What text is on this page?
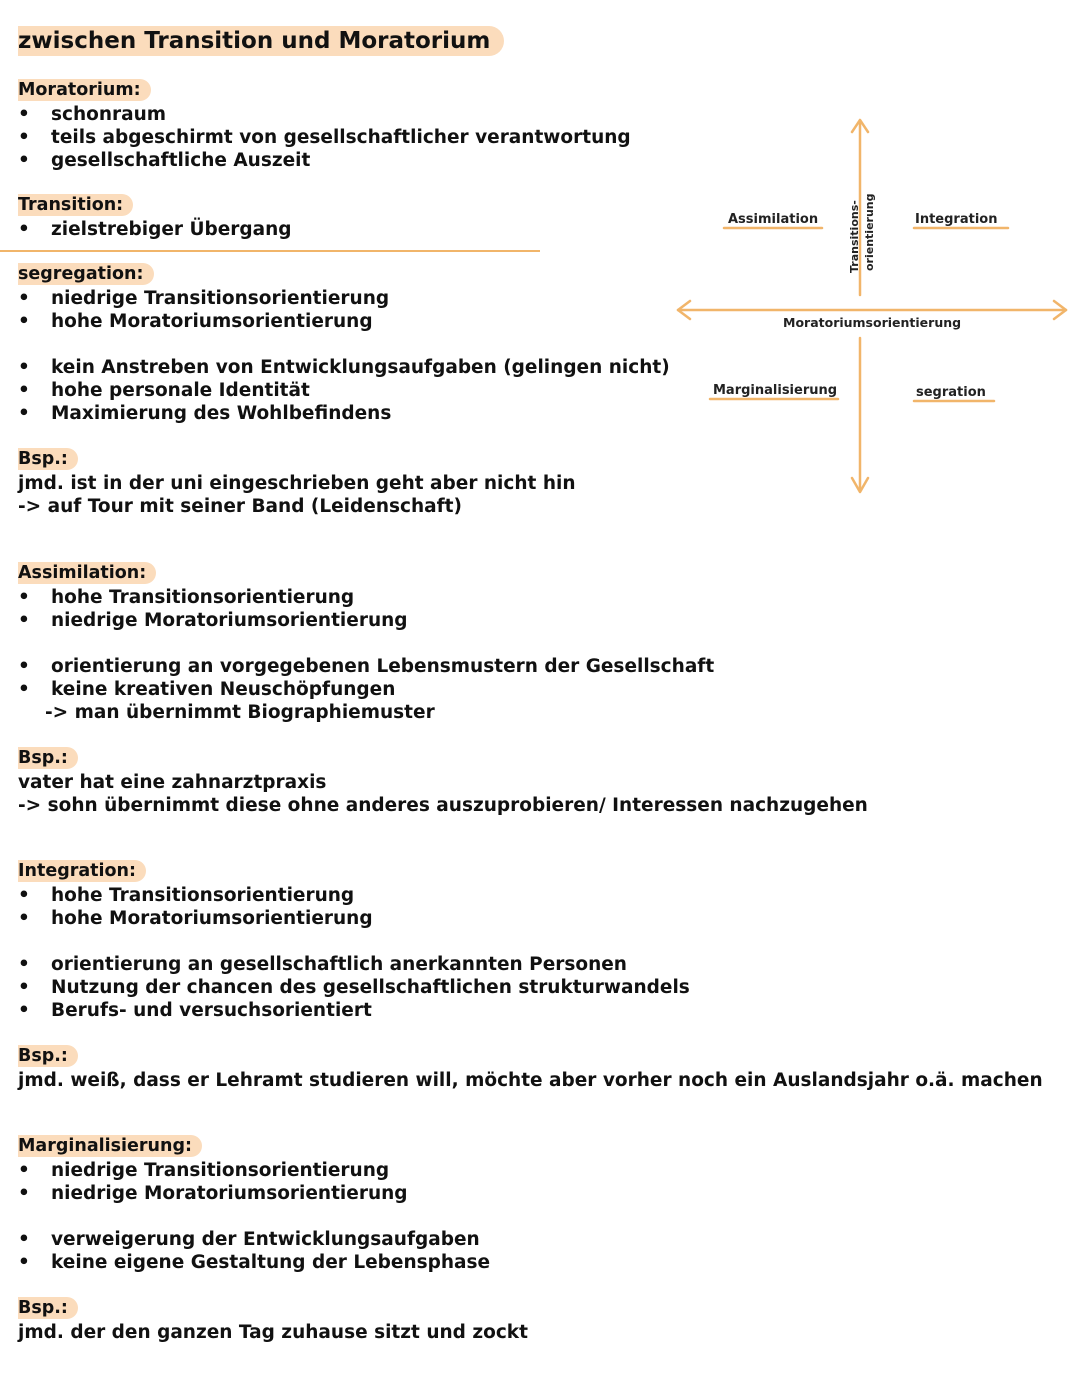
zwischen Transition und Moratorium
Moratorium:
• schonraum
• teils abgeschirmt von gesellschaftlicher verantwortung
• gesellschaftliche Auszeit
Transition:
• zielstrebiger Übergang
segregation:
• niedrige Transitionsorientierung
• hohe Moratoriumsorientierung
• kein Anstreben von Entwicklungsaufgaben (gelingen nicht)
• hohe personale Identität
• Maximierung des Wohlbefindens
Bsp.:
jmd. ist in der uni eingeschrieben geht aber nicht hin
-> auf Tour mit seiner Band (Leidenschaft)
Assimilation:
• hohe Transitionsorientierung
• niedrige Moratoriumsorientierung
• orientierung an vorgegebenen Lebensmustern der Gesellschaft
• keine kreativen Neuschöpfungen
-> man übernimmt Biographiemuster
Bsp.:
vater hat eine zahnarztpraxis
-> sohn übernimmt diese ohne anderes auszuprobieren/ Interessen nachzugehen
Integration:
• hohe Transitionsorientierung
• hohe Moratoriumsorientierung
• orientierung an gesellschaftlich anerkannten Personen
• Nutzung der chancen des gesellschaftlichen strukturwandels
• Berufs- und versuchsorientiert
Bsp.:
jmd. weiß, dass er Lehramt studieren will, möchte aber vorher noch ein Auslandsjahr o.ä. machen
Marginalisierung:
• niedrige Transitionsorientierung
• niedrige Moratoriumsorientierung
• verweigerung der Entwicklungsaufgaben
• keine eigene Gestaltung der Lebensphase
Bsp.:
jmd. der den ganzen Tag zuhause sitzt und zockt
Assimilation	Integration
Marginalisierung	segration
Moratoriumsorientierung
Transitions- orientierung
